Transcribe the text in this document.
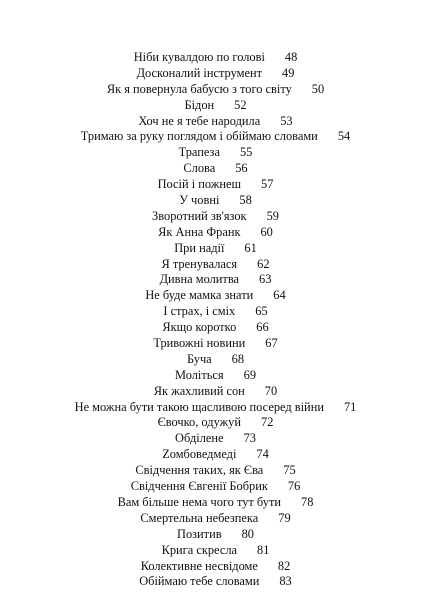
Ніби кувалдою по голові 48
Досконалий інструмент 49
Як я повернула бабусю з того світу 50
Бідон 52
Хоч не я тебе народила 53
Тримаю за руку поглядом і обіймаю словами 54
Трапеза 55
Слова 56
Посій і пожнеш 57
У човні 58
Зворотний зв'язок 59
Як Анна Франк 60
При надії 61
Я тренувалася 62
Дивна молитва 63
Не буде мамка знати 64
І страх, і сміх 65
Якщо коротко 66
Тривожні новини 67
Буча 68
Моліться 69
Як жахливий сон 70
Не можна бути такою щасливою посеред війни 71
Євочко, одужуй 72
Обділене 73
Zомбоведмеді 74
Свідчення таких, як Єва 75
Свідчення Євгенії Бобрик 76
Вам більше нема чого тут бути 78
Смертельна небезпека 79
Позитив 80
Крига скресла 81
Колективне несвідоме 82
Обіймаю тебе словами 83
